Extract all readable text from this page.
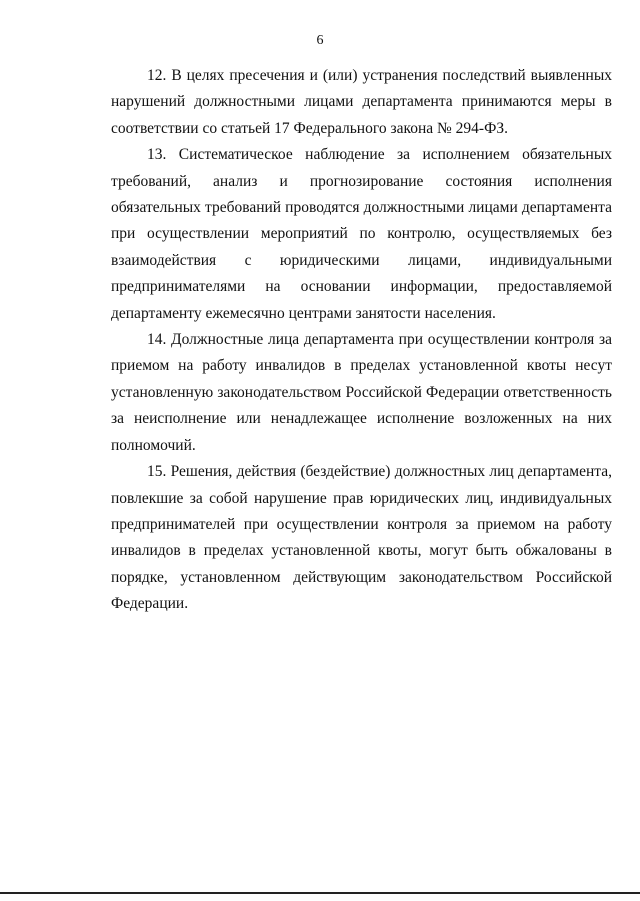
6

12. В целях пресечения и (или) устранения последствий выявленных нарушений должностными лицами департамента принимаются меры в соответствии со статьей 17 Федерального закона № 294-ФЗ.

13. Систематическое наблюдение за исполнением обязательных требований, анализ и прогнозирование состояния исполнения обязательных требований проводятся должностными лицами департамента при осуществлении мероприятий по контролю, осуществляемых без взаимодействия с юридическими лицами, индивидуальными предпринимателями на основании информации, предоставляемой департаменту ежемесячно центрами занятости населения.

14. Должностные лица департамента при осуществлении контроля за приемом на работу инвалидов в пределах установленной квоты несут установленную законодательством Российской Федерации ответственность за неисполнение или ненадлежащее исполнение возложенных на них полномочий.

15. Решения, действия (бездействие) должностных лиц департамента, повлекшие за собой нарушение прав юридических лиц, индивидуальных предпринимателей при осуществлении контроля за приемом на работу инвалидов в пределах установленной квоты, могут быть обжалованы в порядке, установленном действующим законодательством Российской Федерации.
